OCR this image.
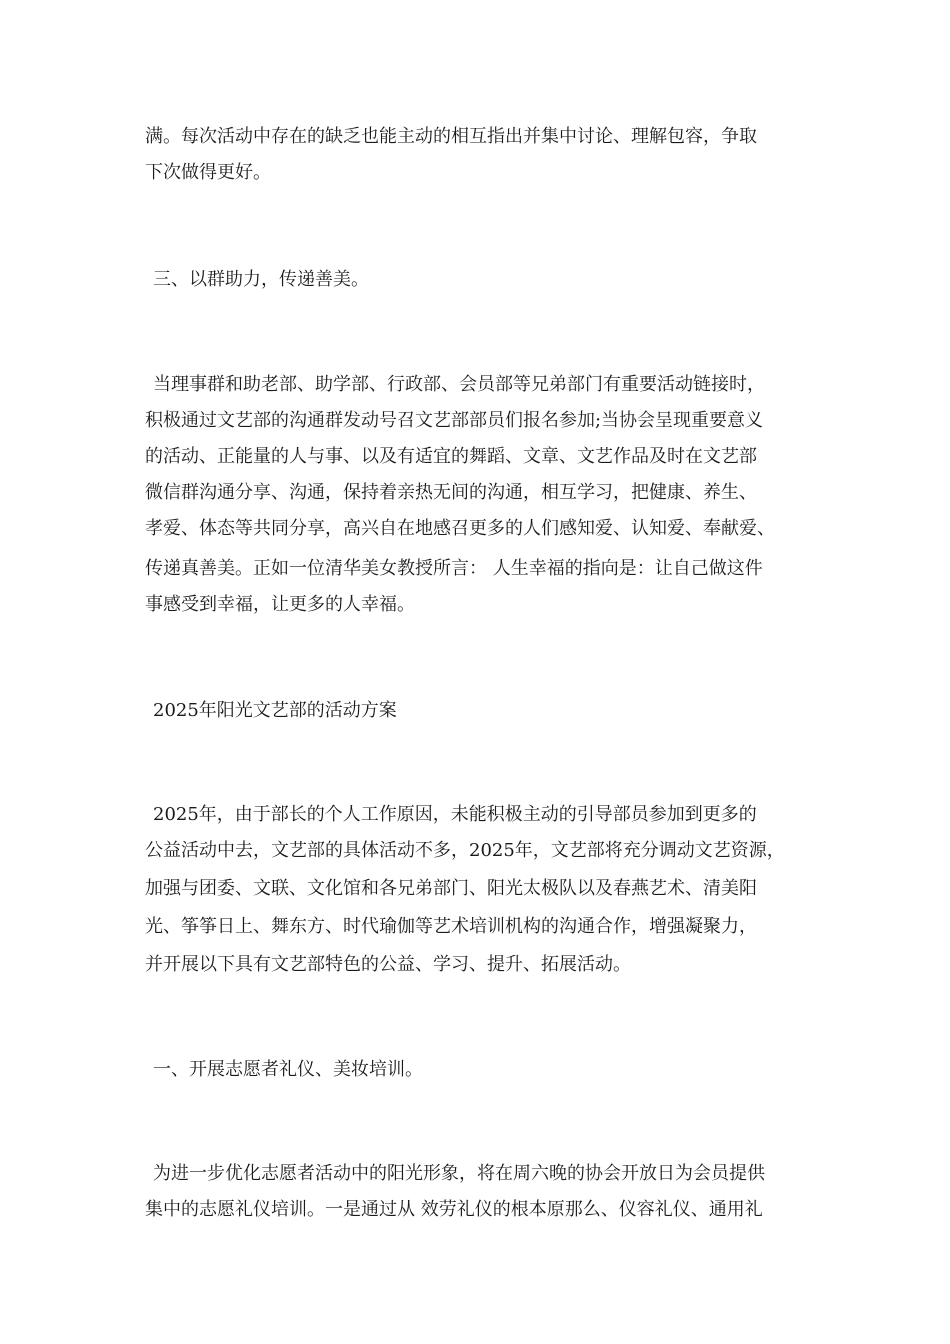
满。每次活动中存在的缺乏也能主动的相互指出并集中讨论、理解包容，争取
下次做得更好。
三、以群助力，传递善美。
当理事群和助老部、助学部、行政部、会员部等兄弟部门有重要活动链接时，
积极通过文艺部的沟通群发动号召文艺部部员们报名参加;当协会呈现重要意义
的活动、正能量的人与事、以及有适宜的舞蹈、文章、文艺作品及时在文艺部
微信群沟通分享、沟通，保持着亲热无间的沟通，相互学习，把健康、养生、
孝爱、体态等共同分享，高兴自在地感召更多的人们感知爱、认知爱、奉献爱、
传递真善美。正如一位清华美女教授所言： 人生幸福的指向是：让自己做这件
事感受到幸福，让更多的人幸福。
2025年阳光文艺部的活动方案
2025年，由于部长的个人工作原因，未能积极主动的引导部员参加到更多的
公益活动中去，文艺部的具体活动不多，2025年，文艺部将充分调动文艺资源，
加强与团委、文联、文化馆和各兄弟部门、阳光太极队以及春燕艺术、清美阳
光、筝筝日上、舞东方、时代瑜伽等艺术培训机构的沟通合作，增强凝聚力，
并开展以下具有文艺部特色的公益、学习、提升、拓展活动。
一、开展志愿者礼仪、美妆培训。
为进一步优化志愿者活动中的阳光形象，将在周六晚的协会开放日为会员提供
集中的志愿礼仪培训。一是通过从 效劳礼仪的根本原那么、仪容礼仪、通用礼
